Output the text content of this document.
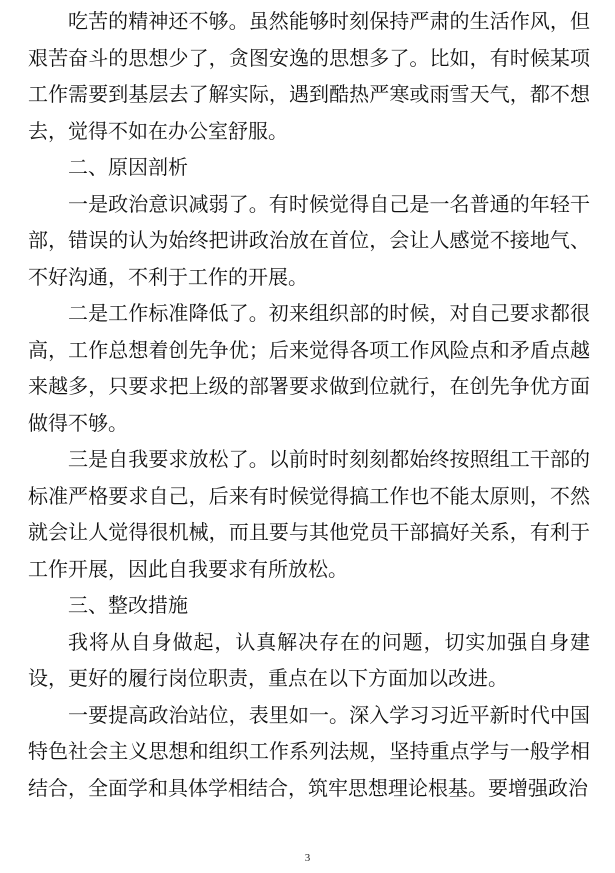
吃苦的精神还不够。虽然能够时刻保持严肃的生活作风，但艰苦奋斗的思想少了，贪图安逸的思想多了。比如，有时候某项工作需要到基层去了解实际，遇到酷热严寒或雨雪天气，都不想去，觉得不如在办公室舒服。

二、原因剖析

一是政治意识减弱了。有时候觉得自己是一名普通的年轻干部，错误的认为始终把讲政治放在首位，会让人感觉不接地气、不好沟通，不利于工作的开展。

二是工作标准降低了。初来组织部的时候，对自己要求都很高，工作总想着创先争优；后来觉得各项工作风险点和矛盾点越来越多，只要求把上级的部署要求做到位就行，在创先争优方面做得不够。

三是自我要求放松了。以前时时刻刻都始终按照组工干部的标准严格要求自己，后来有时候觉得搞工作也不能太原则，不然就会让人觉得很机械，而且要与其他党员干部搞好关系，有利于工作开展，因此自我要求有所放松。

三、整改措施

我将从自身做起，认真解决存在的问题，切实加强自身建设，更好的履行岗位职责，重点在以下方面加以改进。

一要提高政治站位，表里如一。深入学习习近平新时代中国特色社会主义思想和组织工作系列法规，坚持重点学与一般学相结合，全面学和具体学相结合，筑牢思想理论根基。要增强政治

3
